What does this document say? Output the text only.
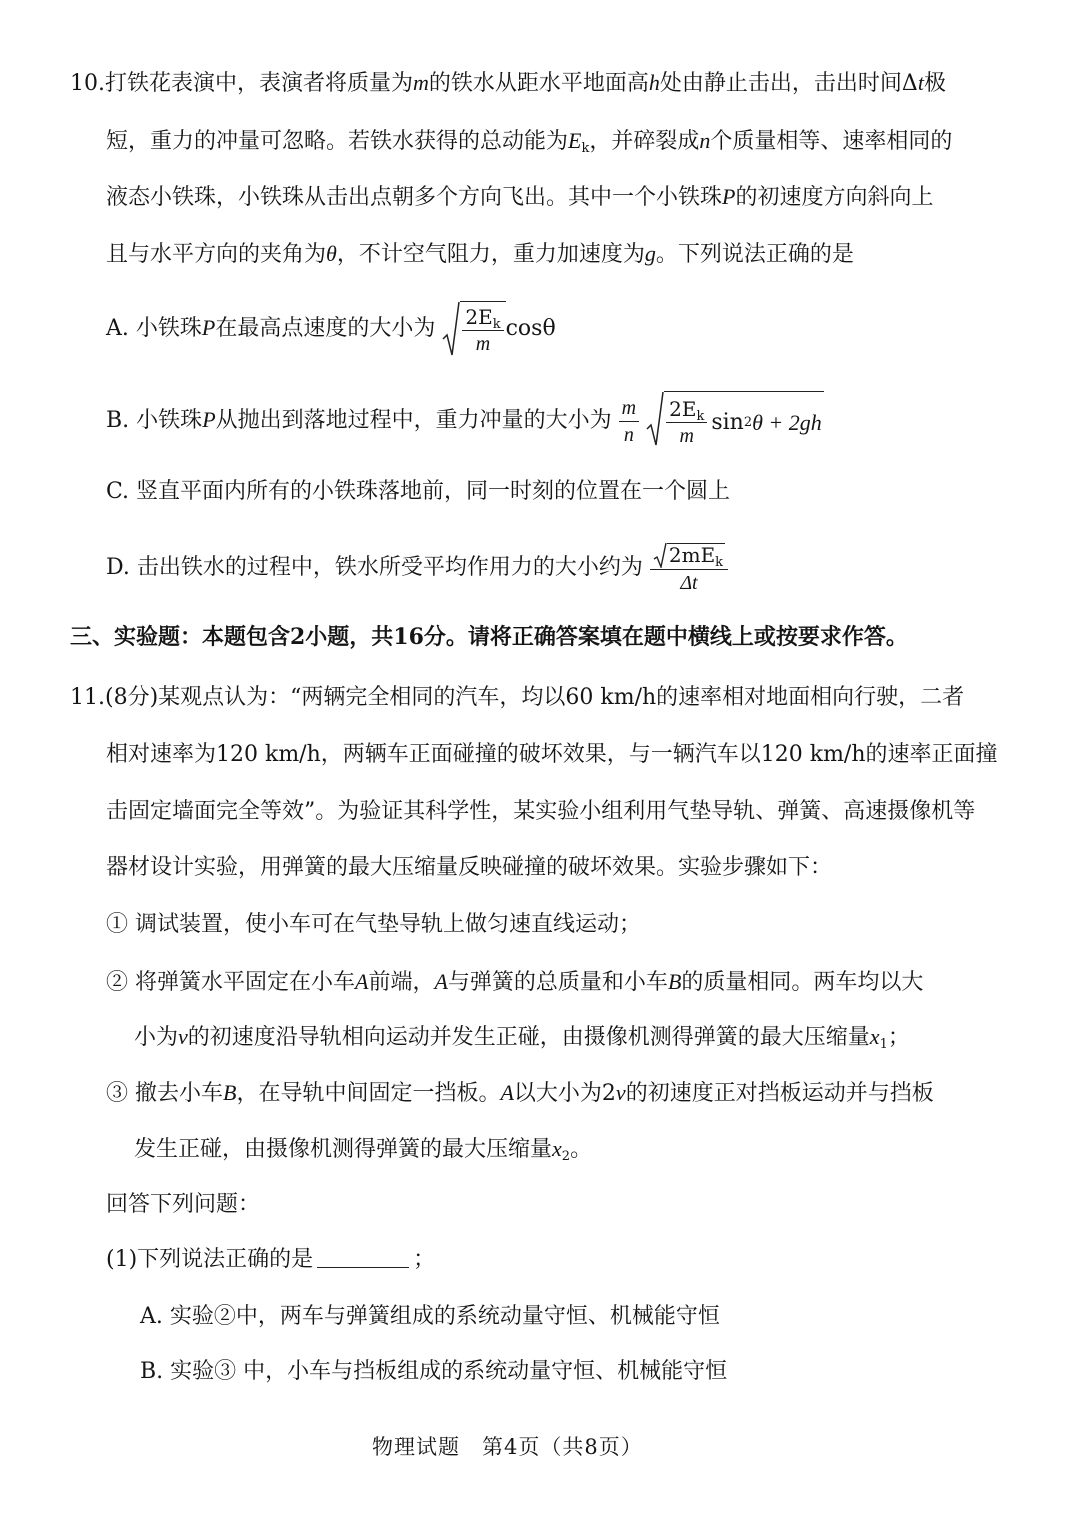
10.打铁花表演中，表演者将质量为m的铁水从距水平地面高h处由静止击出，击出时间Δt极
短，重力的冲量可忽略。若铁水获得的总动能为$E_k$，并碎裂成n个质量相等、速率相同的
液态小铁珠，小铁珠从击出点朝多个方向飞出。其中一个小铁珠P的初速度方向斜向上
且与水平方向的夹角为θ，不计空气阻力，重力加速度为g。下列说法正确的是
A. 小铁珠P在最高点速度的大小为 $\frac{2E_k}{m}$ cosθ
B. 小铁珠P从抛出到落地过程中，重力冲量的大小为 $\frac{m}{n}$
$\frac{2E_k}{m}$ sin 2 θ + 2gh
C. 竖直平面内所有的小铁珠落地前，同一时刻的位置在一个圆上
D. 击出铁水的过程中，铁水所受平均作用力的大小约为 $\frac{2mE_k}{\Delta t}$
三、实验题：本题包含2小题，共16分。请将正确答案填在题中横线上或按要求作答。
11.(8分)某观点认为：“两辆完全相同的汽车，均以60 km/h的速率相对地面相向行驶，二者
相对速率为120 km/h，两辆车正面碰撞的破坏效果，与一辆汽车以120 km/h的速率正面撞
击固定墙面完全等效”。为验证其科学性，某实验小组利用气垫导轨、弹簧、高速摄像机等
器材设计实验，用弹簧的最大压缩量反映碰撞的破坏效果。实验步骤如下：
① 调试装置，使小车可在气垫导轨上做匀速直线运动；
② 将弹簧水平固定在小车A前端，A与弹簧的总质量和小车B的质量相同。两车均以大
小为v的初速度沿导轨相向运动并发生正碰，由摄像机测得弹簧的最大压缩量$x_1$；
③ 撤去小车B，在导轨中间固定一挡板。A以大小为2v的初速度正对挡板运动并与挡板
发生正碰，由摄像机测得弹簧的最大压缩量$x_2$。
回答下列问题：
(1)下列说法正确的是	；
A. 实验②中，两车与弹簧组成的系统动量守恒、机械能守恒
B. 实验③ 中，小车与挡板组成的系统动量守恒、机械能守恒
物理试题 第4页（共8页）
